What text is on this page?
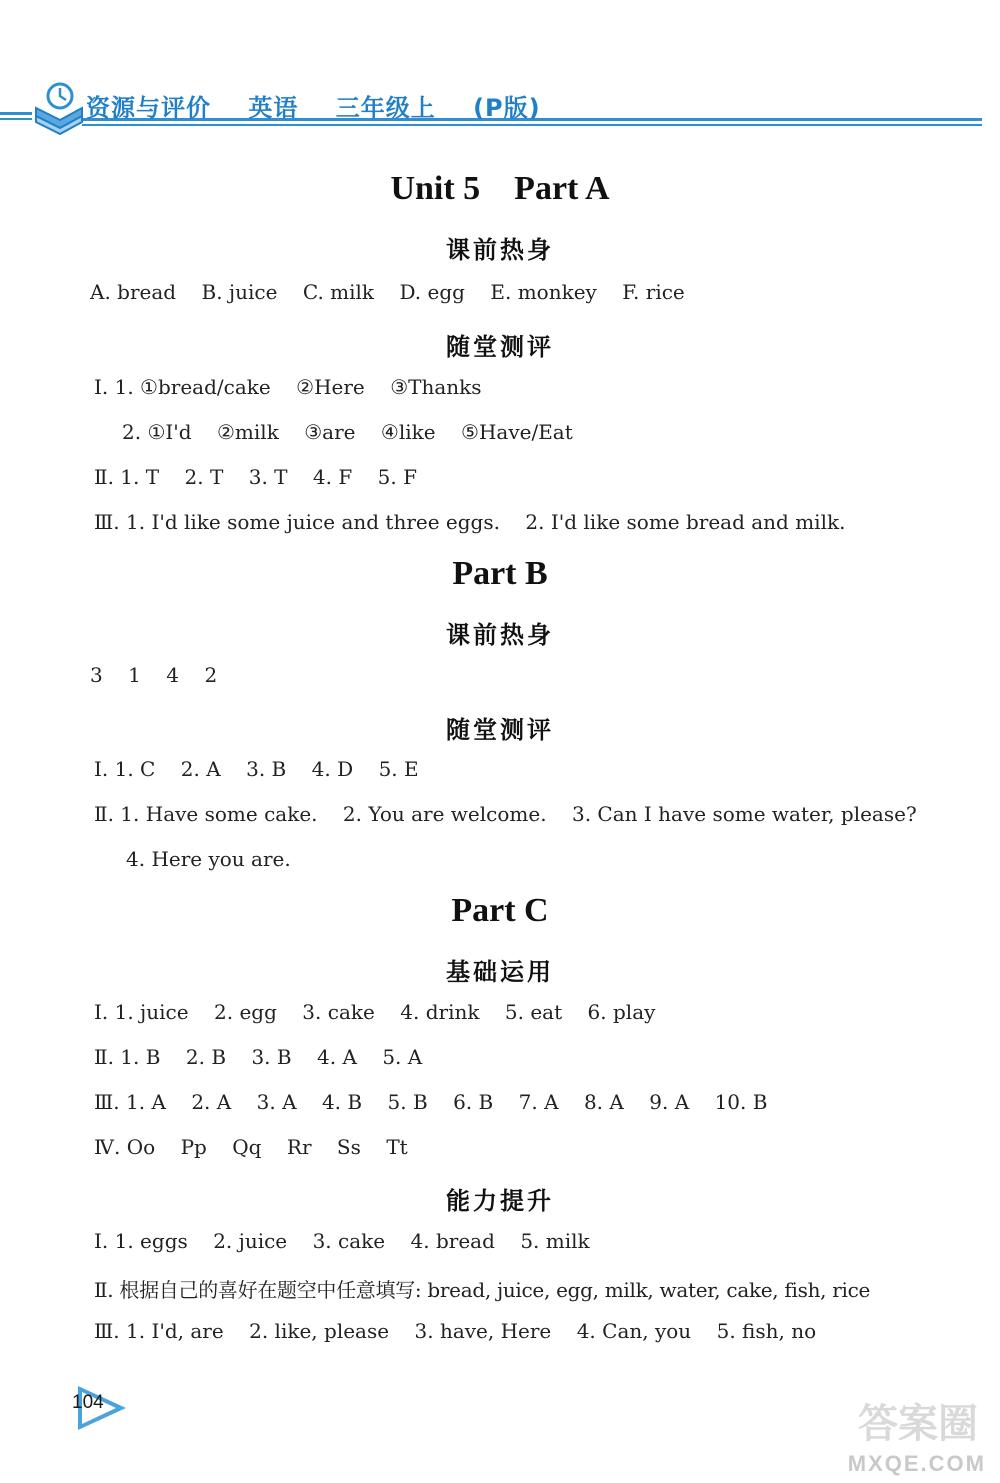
资源与评价 英语 三年级上 (P版)
Unit 5    Part A
课前热身
A. bread    B. juice    C. milk    D. egg    E. monkey    F. rice
随堂测评
Ⅰ. 1. ①bread/cake    ②Here    ③Thanks
2. ①I'd    ②milk    ③are    ④like    ⑤Have/Eat
Ⅱ. 1. T    2. T    3. T    4. F    5. F
Ⅲ. 1. I'd like some juice and three eggs.    2. I'd like some bread and milk.
Part B
课前热身
3    1    4    2
随堂测评
Ⅰ. 1. C    2. A    3. B    4. D    5. E
Ⅱ. 1. Have some cake.    2. You are welcome.    3. Can I have some water, please?
4. Here you are.
Part C
基础运用
Ⅰ. 1. juice    2. egg    3. cake    4. drink    5. eat    6. play
Ⅱ. 1. B    2. B    3. B    4. A    5. A
Ⅲ. 1. A    2. A    3. A    4. B    5. B    6. B    7. A    8. A    9. A    10. B
Ⅳ. Oo    Pp    Qq    Rr    Ss    Tt
能力提升
Ⅰ. 1. eggs    2. juice    3. cake    4. bread    5. milk
Ⅱ. 根据自己的喜好在题空中任意填写: bread, juice, egg, milk, water, cake, fish, rice
Ⅲ. 1. I'd, are    2. like, please    3. have, Here    4. Can, you    5. fish, no
104	答案圈
MXQE.COM
